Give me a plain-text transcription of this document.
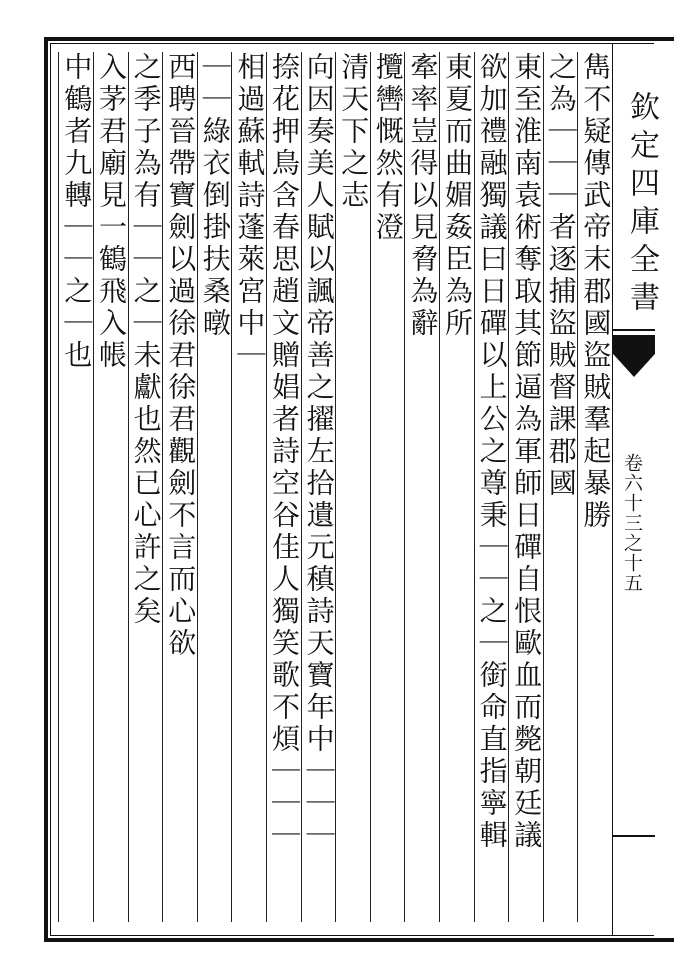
欽定四庫全書
卷六十三之十五
雋不疑傳武帝末郡國盜賊羣起暴勝
之為｜｜｜者逐捕盜賊督課郡國
東至淮南袁術奪取其節逼為軍師日磾自恨歐血而斃朝廷議
欲加禮融獨議曰日磾以上公之尊秉｜｜之｜銜命直指寧輯
東夏而曲媚姦臣為所
牽率豈得以見脅為辭
攬轡慨然有澄
清天下之志
向因奏美人賦以諷帝善之擢左拾遺元稹詩天寶年中｜｜｜
捺花押鳥含春思趙文贈娼者詩空谷佳人獨笑歌不煩｜｜｜
相過蘇軾詩蓬萊宮中｜
｜｜綠衣倒掛扶桑暾
西聘晉帶寶劍以過徐君徐君觀劍不言而心欲
之季子為有｜｜之｜未獻也然已心許之矣
入茅君廟見一鶴飛入帳
中鶴者九轉｜｜之｜也
